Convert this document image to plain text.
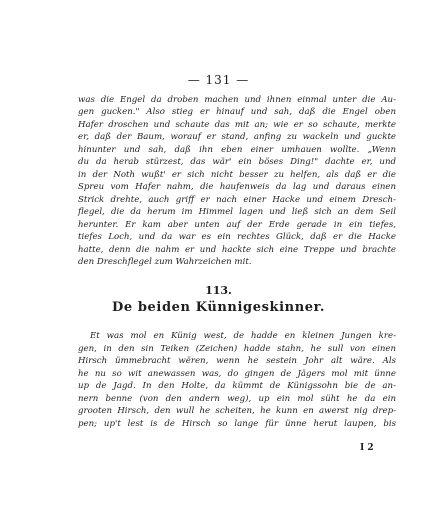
— 131 —
was die Engel da droben machen und ihnen einmal unter die Au-
gen gucken." Also stieg er hinauf und sah, daß die Engel oben
Hafer droschen und schaute das mit an; wie er so schaute, merkte
er, daß der Baum, worauf er stand, anfing zu wackeln und guckte
hinunter und sah, daß ihn eben einer umhauen wollte. „Wenn
du da herab stürzest, das wär' ein böses Ding!" dachte er, und
in der Noth wußt' er sich nicht besser zu helfen, als daß er die
Spreu vom Hafer nahm, die haufenweis da lag und daraus einen
Strick drehte, auch griff er nach einer Hacke und einem Dresch-
flegel, die da herum im Himmel lagen und ließ sich an dem Seil
herunter. Er kam aber unten auf der Erde gerade in ein tiefes,
tiefes Loch, und da war es ein rechtes Glück, daß er die Hacke
hatte, denn die nahm er und hackte sich eine Treppe und brachte
den Dreschflegel zum Wahrzeichen mit.
113.
De beiden Künnigeskinner.
Et was mol en Künig west, de hadde en kleinen Jungen kre-
gen, in den sin Teiken (Zeichen) hadde stahn, he sull von einen
Hirsch ümmebracht wëren, wenn he sestein Johr alt wäre. Als
he nu so wit anewassen was, do gingen de Jägers mol mit ünne
up de Jagd. In den Holte, da kümmt de Künigssohn bie de an-
nern benne (von den andern weg), up ein mol süht he da ein
grooten Hirsch, den wull he scheiten, he kunn en awerst nig drep-
pen; up't lest is de Hirsch so lange für ünne herut laupen, bis
I 2
